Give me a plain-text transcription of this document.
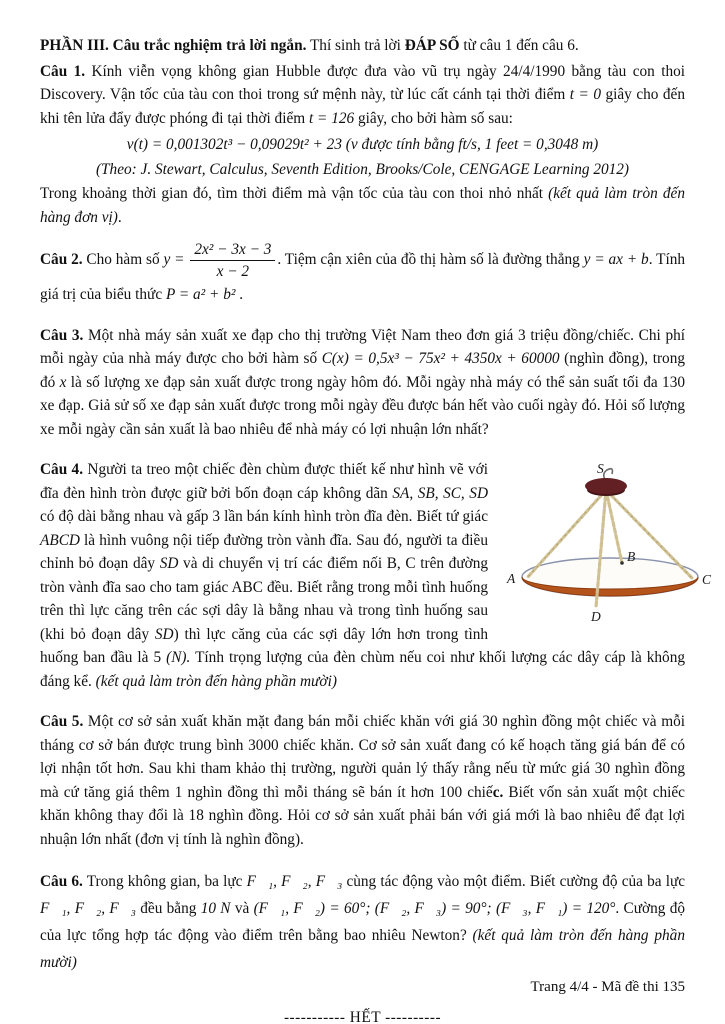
PHẦN III. Câu trắc nghiệm trả lời ngắn. Thí sinh trả lời ĐÁP SỐ từ câu 1 đến câu 6.

Câu 1. Kính viễn vọng không gian Hubble được đưa vào vũ trụ ngày 24/4/1990 bằng tàu con thoi Discovery. Vận tốc của tàu con thoi trong sứ mệnh này, từ lúc cất cánh tại thời điểm t = 0 giây cho đến khi tên lửa đẩy được phóng đi tại thời điểm t = 126 giây, cho bởi hàm số sau:

v(t) = 0,001302t³ − 0,09029t² + 23 (v được tính bằng ft/s, 1 feet = 0,3048 m)
(Theo: J. Stewart, Calculus, Seventh Edition, Brooks/Cole, CENGAGE Learning 2012)

Trong khoảng thời gian đó, tìm thời điểm mà vận tốc của tàu con thoi nhỏ nhất (kết quả làm tròn đến hàng đơn vị).

Câu 2. Cho hàm số $y = \frac{\text{2x² − 3x − 3}}{x - 2}$ . Tiệm cận xiên của đồ thị hàm số là đường thẳng y = ax + b. Tính giá trị của biểu thức P = a² + b² .

Câu 3. Một nhà máy sản xuất xe đạp cho thị trường Việt Nam theo đơn giá 3 triệu đồng/chiếc. Chi phí mỗi ngày của nhà máy được cho bởi hàm số C(x) = 0,5x³ − 75x² + 4350x + 60000 (nghìn đồng), trong đó x là số lượng xe đạp sản xuất được trong ngày hôm đó. Mỗi ngày nhà máy có thể sản suất tối đa 130 xe đạp. Giả sử số xe đạp sản xuất được trong mỗi ngày đều được bán hết vào cuối ngày đó. Hỏi số lượng xe mỗi ngày cần sản xuất là bao nhiêu để nhà máy có lợi nhuận lớn nhất?

S
A
B
C
D

Câu 4. Người ta treo một chiếc đèn chùm được thiết kế như hình vẽ với đĩa đèn hình tròn được giữ bởi bốn đoạn cáp không dãn SA, SB, SC, SD có độ dài bằng nhau và gấp 3 lần bán kính hình tròn đĩa đèn. Biết tứ giác ABCD là hình vuông nội tiếp đường tròn vành đĩa. Sau đó, người ta điều chỉnh bỏ đoạn dây SD và di chuyển vị trí các điểm nối B, C trên đường tròn vành đĩa sao cho tam giác ABC đều. Biết rằng trong mỗi tình huống trên thì lực căng trên các sợi dây là bằng nhau và trong tình huống sau (khi bỏ đoạn dây SD) thì lực căng của các sợi dây lớn hơn trong tình huống ban đầu là 5 (N). Tính trọng lượng của đèn chùm nếu coi như khối lượng các dây cáp là không đáng kể. (kết quả làm tròn đến hàng phần mười)

Câu 5. Một cơ sở sản xuất khăn mặt đang bán mỗi chiếc khăn với giá 30 nghìn đồng một chiếc và mỗi tháng cơ sở bán được trung bình 3000 chiếc khăn. Cơ sở sản xuất đang có kế hoạch tăng giá bán để có lợi nhận tốt hơn. Sau khi tham khảo thị trường, người quản lý thấy rằng nếu từ mức giá 30 nghìn đồng mà cứ tăng giá thêm 1 nghìn đồng thì mỗi tháng sẽ bán ít hơn 100 chiếc. Biết vốn sản xuất một chiếc khăn không thay đổi là 18 nghìn đồng. Hỏi cơ sở sản xuất phải bán với giá mới là bao nhiêu để đạt lợi nhuận lớn nhất (đơn vị tính là nghìn đồng).

Câu 6. Trong không gian, ba lực F⃗₁, F⃗₂, F⃗₃ cùng tác động vào một điểm. Biết cường độ của ba lực F⃗₁, F⃗₂, F⃗₃ đều bằng 10 N và (F⃗₁, F⃗₂) = 60°; (F⃗₂, F⃗₃) = 90°; (F⃗₃, F⃗₁) = 120°. Cường độ của lực tổng hợp tác động vào điểm trên bằng bao nhiêu Newton? (kết quả làm tròn đến hàng phần mười)

----------- HẾT ----------
Trang 4/4 - Mã đề thi 135
